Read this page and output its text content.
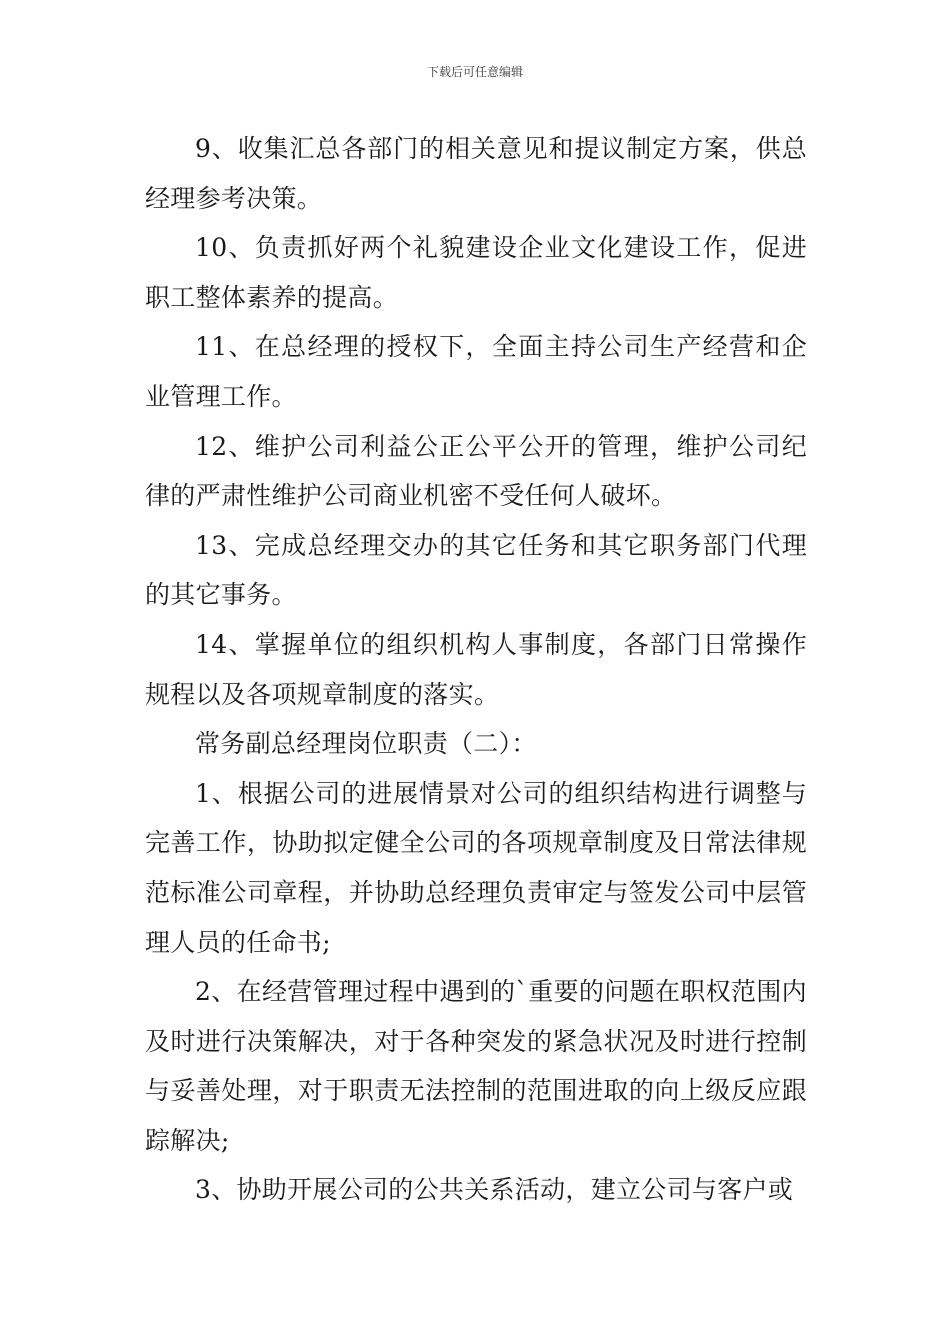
下载后可任意编辑

9、收集汇总各部门的相关意见和提议制定方案，供总经理参考决策。

10、负责抓好两个礼貌建设企业文化建设工作，促进职工整体素养的提高。

11、在总经理的授权下，全面主持公司生产经营和企业管理工作。

12、维护公司利益公正公平公开的管理，维护公司纪律的严肃性维护公司商业机密不受任何人破坏。

13、完成总经理交办的其它任务和其它职务部门代理的其它事务。

14、掌握单位的组织机构人事制度，各部门日常操作规程以及各项规章制度的落实。

常务副总经理岗位职责（二）：

1、根据公司的进展情景对公司的组织结构进行调整与完善工作，协助拟定健全公司的各项规章制度及日常法律规范标准公司章程，并协助总经理负责审定与签发公司中层管理人员的任命书;

2、在经营管理过程中遇到的`重要的问题在职权范围内及时进行决策解决，对于各种突发的紧急状况及时进行控制与妥善处理，对于职责无法控制的范围进取的向上级反应跟踪解决;

3、协助开展公司的公共关系活动，建立公司与客户或
